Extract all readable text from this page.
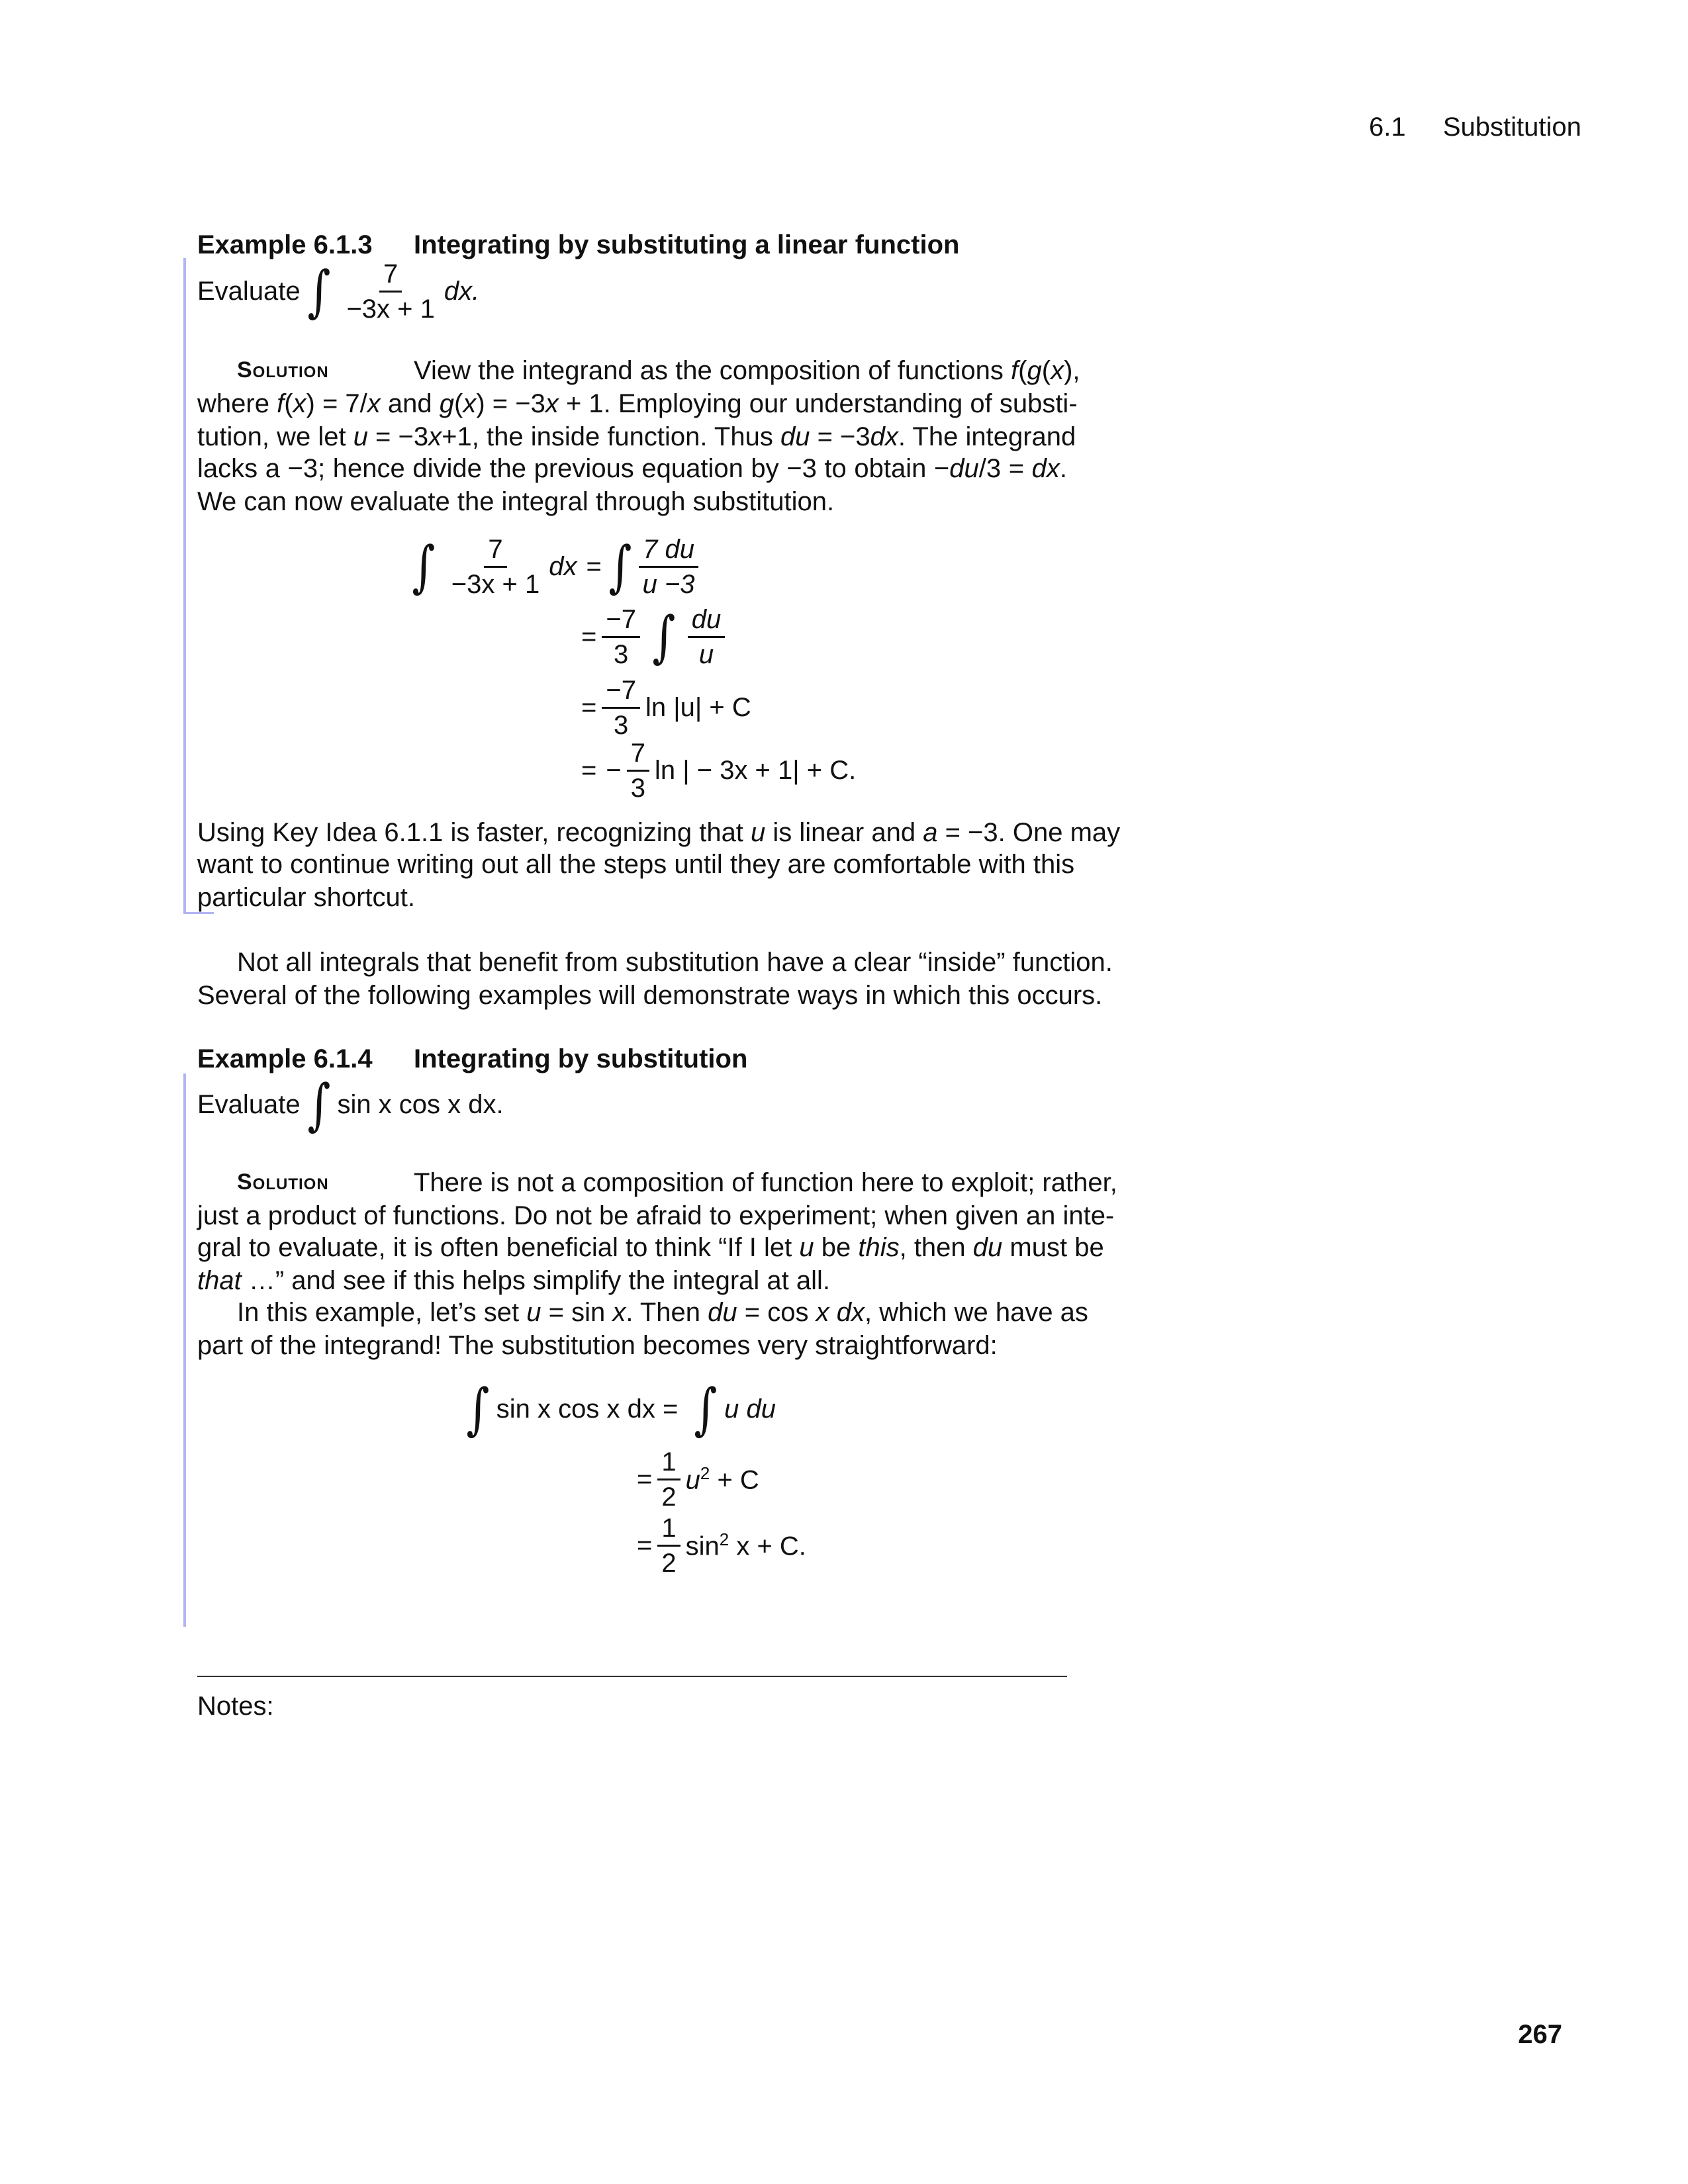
6.1 Substitution
Example 6.1.3 Integrating by substituting a linear function
Evaluate ∫ $\frac{7}{-3x + 1}$ dx.
Solution	View the integrand as the composition of functions f(g(x),
where f(x) = 7/x and g(x) = −3x + 1. Employing our understanding of substi-
tution, we let u = −3x+1, the inside function. Thus du = −3dx. The integrand
lacks a −3; hence divide the previous equation by −3 to obtain −du/3 = dx.
We can now evaluate the integral through substitution.
∫ $\frac{7}{-3x + 1}$ dx = ∫ $\frac{7 du}{u -3}$
= $\frac{-7}{3}$ ∫ $\frac{du}{u}$
= $\frac{-7}{3}$ ln |u| + C
= − $\frac{7}{3}$ ln | − 3x + 1| + C.
Using Key Idea 6.1.1 is faster, recognizing that u is linear and a = −3. One may
want to continue writing out all the steps until they are comfortable with this
particular shortcut.
Not all integrals that benefit from substitution have a clear “inside” function.
Several of the following examples will demonstrate ways in which this occurs.
Example 6.1.4 Integrating by substitution
Evaluate ∫ sin x cos x dx.
Solution	There is not a composition of function here to exploit; rather,
just a product of functions. Do not be afraid to experiment; when given an inte-
gral to evaluate, it is often beneficial to think “If I let u be this, then du must be
that …” and see if this helps simplify the integral at all.
In this example, let’s set u = sin x. Then du = cos x dx, which we have as
part of the integrand! The substitution becomes very straightforward:
∫ sin x cos x dx = ∫ u du
= $\frac{1}{2} u^2 + C$
= $\frac{1}{2} \sin^2 x + C$.
Notes:
267
